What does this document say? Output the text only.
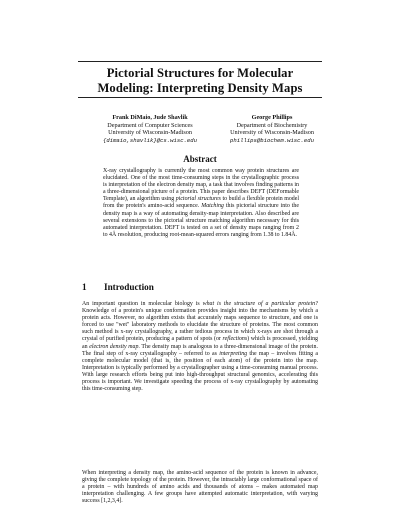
Pictorial Structures for Molecular
Modeling: Interpreting Density Maps
Frank DiMaio, Jude Shavlik
Department of Computer Sciences
University of Wisconsin-Madison
{dimaio,shavlik}@cs.wisc.edu
George Phillips
Department of Biochemistry
University of Wisconsin-Madison
phillips@biochem.wisc.edu
Abstract
X-ray crystallography is currently the most common way protein structures are elucidated. One of the most time-consuming steps in the crystallographic process is interpretation of the electron density map, a task that involves finding patterns in a three-dimensional picture of a protein. This paper describes DEFT (DEFormable Template), an algorithm using pictorial structures to build a flexible protein model from the protein's amino-acid sequence. Matching this pictorial structure into the density map is a way of automating density-map interpretation. Also described are several extensions to the pictorial structure matching algorithm necessary for this automated interpretation. DEFT is tested on a set of density maps ranging from 2 to 4Å resolution, producing root-mean-squared errors ranging from 1.38 to 1.84Å.
1 Introduction
An important question in molecular biology is what is the structure of a particular protein? Knowledge of a protein's unique conformation provides insight into the mechanisms by which a protein acts. However, no algorithm exists that accurately maps sequence to structure, and one is forced to use "wet" laboratory methods to elucidate the structure of proteins. The most common such method is x-ray crystallography, a rather tedious process in which x-rays are shot through a crystal of purified protein, producing a pattern of spots (or reflections) which is processed, yielding an electron density map. The density map is analogous to a three-dimensional image of the protein. The final step of x-ray crystallography – referred to as interpreting the map – involves fitting a complete molecular model (that is, the position of each atom) of the protein into the map. Interpretation is typically performed by a crystallographer using a time-consuming manual process. With large research efforts being put into high-throughput structural genomics, accelerating this process is important. We investigate speeding the process of x-ray crystallography by automating this time-consuming step.
When interpreting a density map, the amino-acid sequence of the protein is known in advance, giving the complete topology of the protein. However, the intractably large conformational space of a protein – with hundreds of amino acids and thousands of atoms – makes automated map interpretation challenging. A few groups have attempted automatic interpretation, with varying success [1,2,3,4].
